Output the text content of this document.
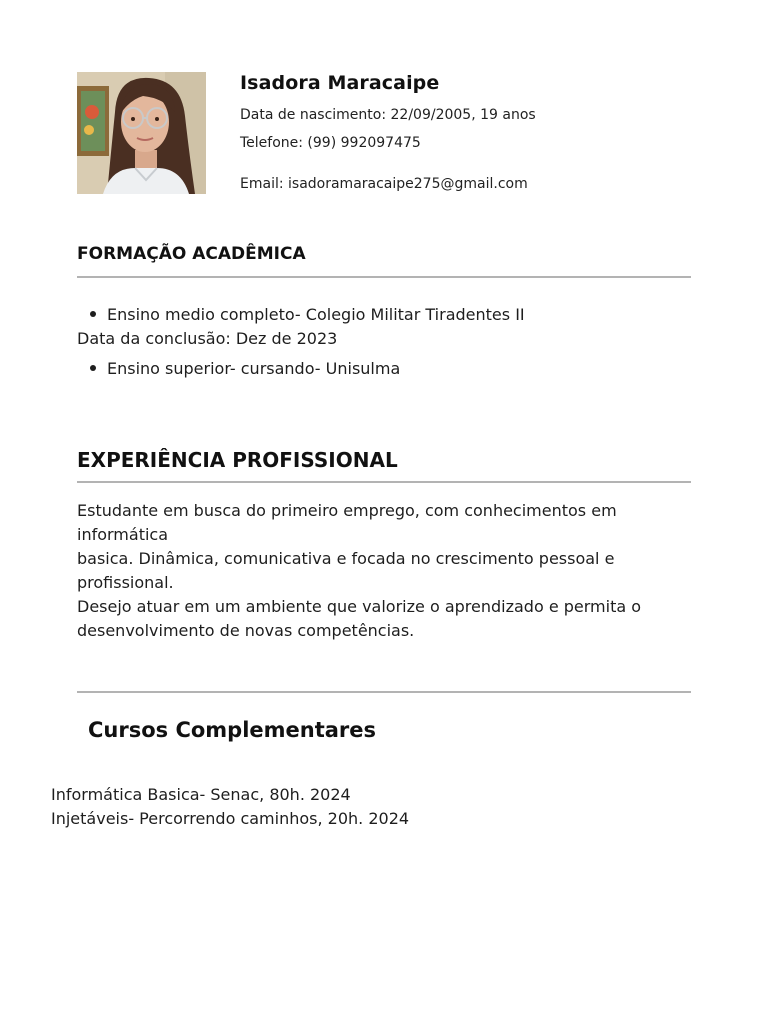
Isadora Maracaipe
Data de nascimento: 22/09/2005, 19 anos
Telefone: (99) 992097475
Email: isadoramaracaipe275@gmail.com
FORMAÇÃO ACADÊMICA
Ensino medio completo- Colegio Militar Tiradentes II
Data da conclusão: Dez de 2023
Ensino superior- cursando- Unisulma
EXPERIÊNCIA PROFISSIONAL
Estudante em busca do primeiro emprego, com conhecimentos em
informática
basica. Dinâmica, comunicativa e focada no crescimento pessoal e
profissional.
Desejo atuar em um ambiente que valorize o aprendizado e permita o
desenvolvimento de novas competências.
Cursos Complementares
Informática Basica- Senac, 80h. 2024
Injetáveis- Percorrendo caminhos, 20h. 2024
